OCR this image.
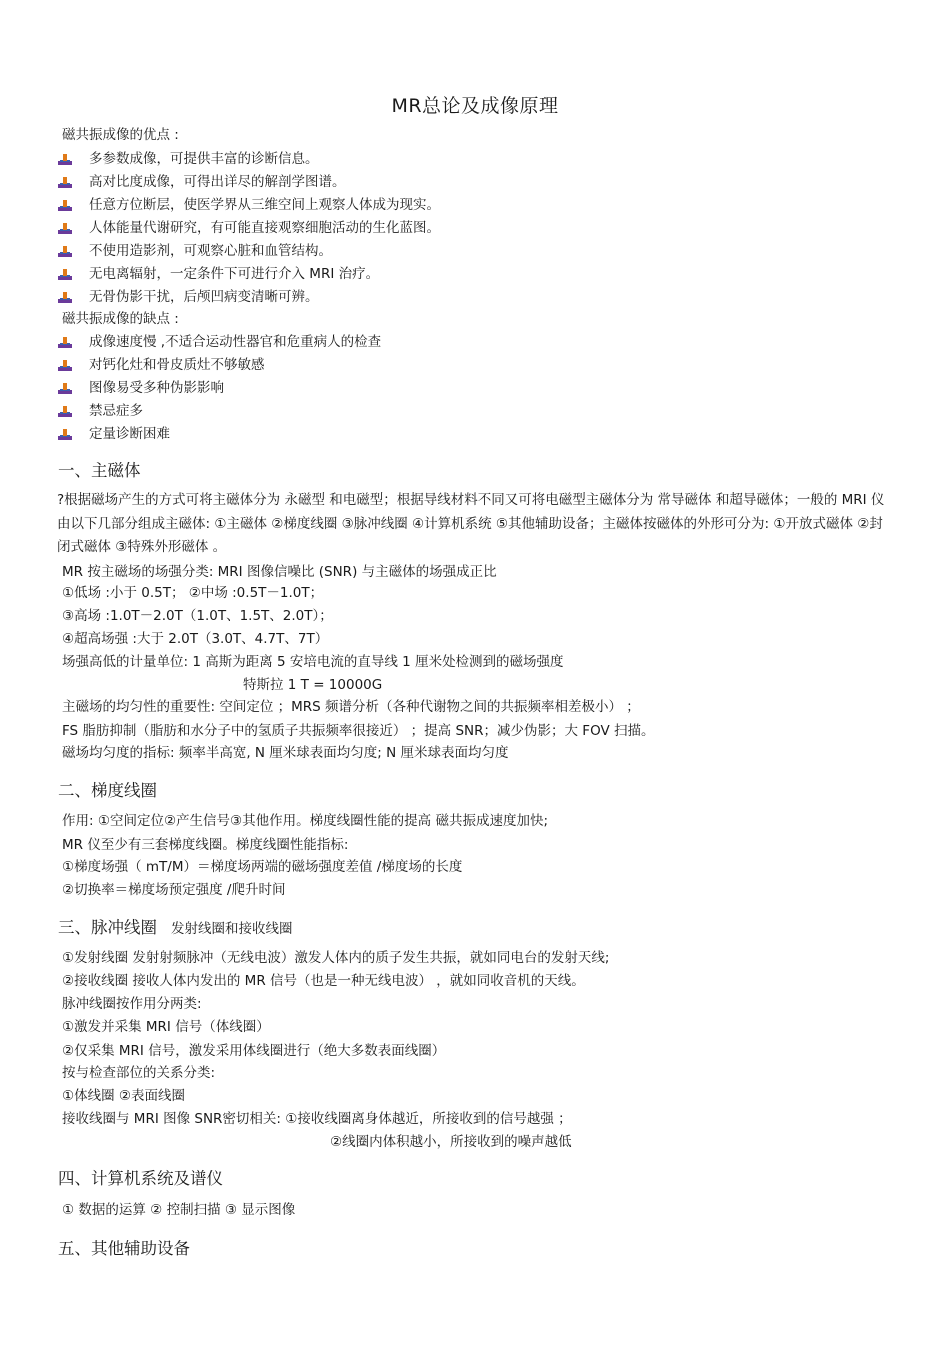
MR总论及成像原理
磁共振成像的优点 :
多参数成像，可提供丰富的诊断信息。
高对比度成像，可得出详尽的解剖学图谱。
任意方位断层，使医学界从三维空间上观察人体成为现实。
人体能量代谢研究，有可能直接观察细胞活动的生化蓝图。
不使用造影剂，可观察心脏和血管结构。
无电离辐射，一定条件下可进行介入 MRI 治疗。
无骨伪影干扰，后颅凹病变清晰可辨。
磁共振成像的缺点 :
成像速度慢 ,不适合运动性器官和危重病人的检查
对钙化灶和骨皮质灶不够敏感
图像易受多种伪影影响
禁忌症多
定量诊断困难
一、主磁体
?根据磁场产生的方式可将主磁体分为 永磁型 和电磁型；根据导线材料不同又可将电磁型主磁体分为 常导磁体 和超导磁体；一般的 MRI 仪由以下几部分组成主磁体: ①主磁体 ②梯度线圈 ③脉冲线圈 ④计算机系统 ⑤其他辅助设备；主磁体按磁体的外形可分为: ①开放式磁体 ②封闭式磁体 ③特殊外形磁体 。
MR 按主磁场的场强分类: MRI 图像信噪比 (SNR) 与主磁体的场强成正比
①低场 :小于 0.5T； ②中场 :0.5T－1.0T；
③高场 :1.0T－2.0T（1.0T、1.5T、2.0T）；
④超高场强 :大于 2.0T（3.0T、4.7T、7T）
场强高低的计量单位: 1 高斯为距离 5 安培电流的直导线 1 厘米处检测到的磁场强度
特斯拉 1 T = 10000G
主磁场的均匀性的重要性: 空间定位 ；MRS 频谱分析（各种代谢物之间的共振频率相差极小） ；
FS 脂肪抑制（脂肪和水分子中的氢质子共振频率很接近） ；提高 SNR；减少伪影；大 FOV 扫描。
磁场均匀度的指标: 频率半高宽, N 厘米球表面均匀度; N 厘米球表面均匀度
二、梯度线圈
作用: ①空间定位②产生信号③其他作用。梯度线圈性能的提高 磁共振成速度加快;
MR 仪至少有三套梯度线圈。梯度线圈性能指标:
①梯度场强（ mT/M）＝梯度场两端的磁场强度差值 /梯度场的长度
②切换率＝梯度场预定强度 /爬升时间
三、脉冲线圈 发射线圈和接收线圈
①发射线圈 发射射频脉冲（无线电波）激发人体内的质子发生共振，就如同电台的发射天线;
②接收线圈 接收人体内发出的 MR 信号（也是一种无线电波） ，就如同收音机的天线。
脉冲线圈按作用分两类:
①激发并采集 MRI 信号（体线圈）
②仅采集 MRI 信号，激发采用体线圈进行（绝大多数表面线圈）
按与检查部位的关系分类:
①体线圈 ②表面线圈
接收线圈与 MRI 图像 SNR密切相关: ①接收线圈离身体越近，所接收到的信号越强 ；
②线圈内体积越小，所接收到的噪声越低
四、计算机系统及谱仪
① 数据的运算 ② 控制扫描 ③ 显示图像
五、其他辅助设备
